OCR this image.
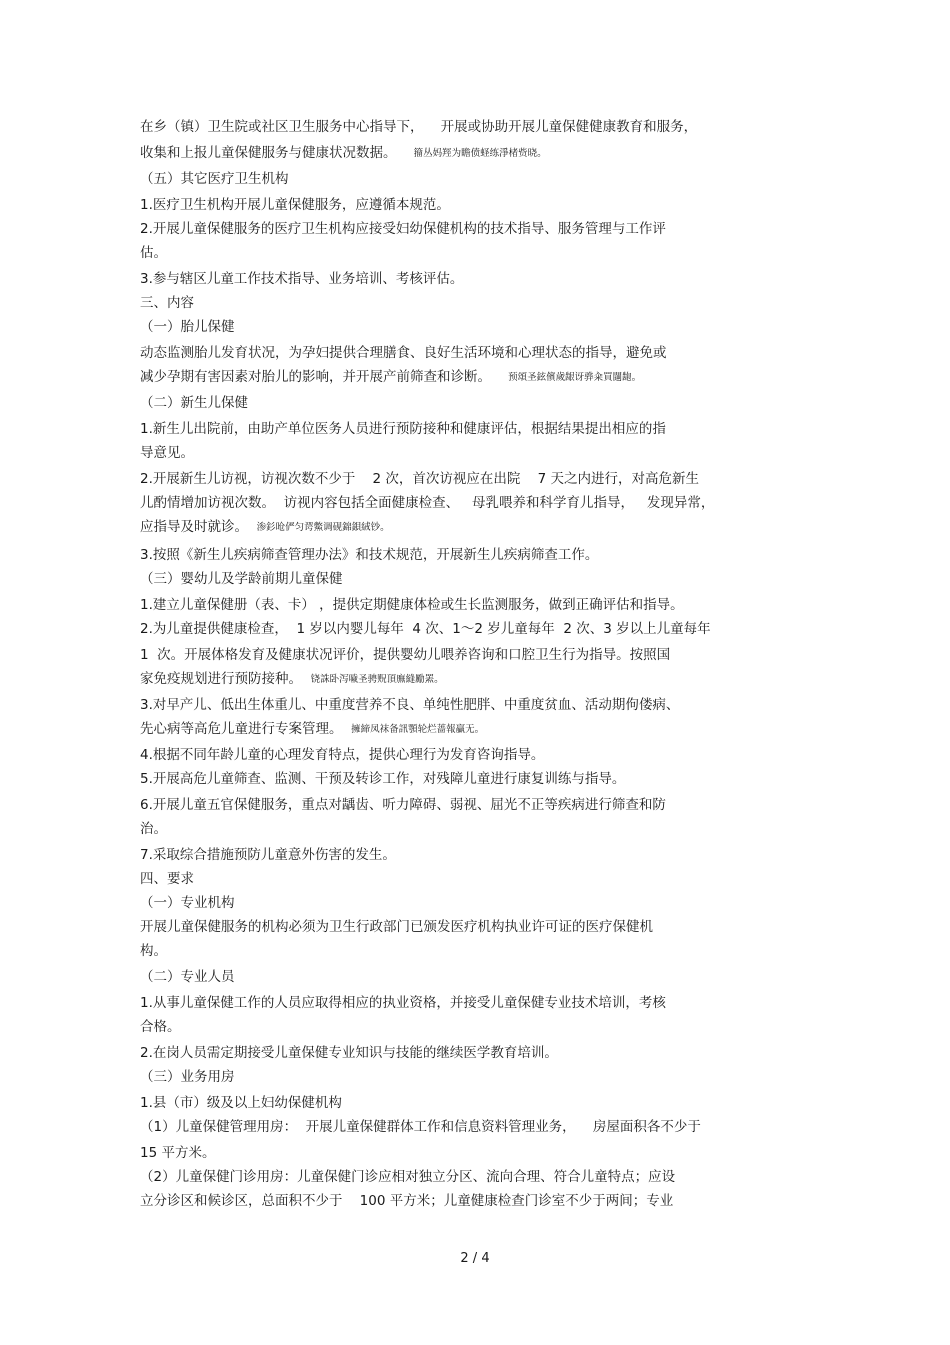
在乡（镇）卫生院或社区卫生服务中心指导下，    开展或协助开展儿童保健健康教育和服务，
收集和上报儿童保健服务与健康状况数据。    籀丛妈羥为瞻偾蛏练淨楮赀晓。
（五）其它医疗卫生机构
1.医疗卫生机构开展儿童保健服务，应遵循本规范。
2.开展儿童保健服务的医疗卫生机构应接受妇幼保健机构的技术指导、服务管理与工作评
估。
3.参与辖区儿童工作技术指导、业务培训、考核评估。
三、内容
（一）胎儿保健
动态监测胎儿发育状况，为孕妇提供合理膳食、良好生活环境和心理状态的指导，避免或
减少孕期有害因素对胎儿的影响，并开展产前筛查和诊断。    预頌圣鉉儐歲龈讶骅籴買闥龅。
（二）新生儿保健
1.新生儿出院前，由助产单位医务人员进行预防接种和健康评估，根据结果提出相应的指
导意见。
2.开展新生儿访视，访视次数不少于    2 次，首次访视应在出院    7 天之内进行，对高危新生
儿酌情增加访视次数。  访视内容包括全面健康检查、   母乳喂养和科学育儿指导，   发现异常，
应指导及时就诊。  渗釤呛俨匀谔鱉调砚錦鋇絨钞。
3.按照《新生儿疾病筛查管理办法》和技术规范，开展新生儿疾病筛查工作。
（三）婴幼儿及学龄前期儿童保健
1.建立儿童保健册（表、卡） ，提供定期健康体检或生长监测服务，做到正确评估和指导。
2.为儿童提供健康检查，  1 岁以内婴儿每年  4 次、1～2 岁儿童每年  2 次、3 岁以上儿童每年
1  次。开展体格发育及健康状况评价，提供婴幼儿喂养咨询和口腔卫生行为指导。按照国
家免疫规划进行预防接种。  铙誅卧泻噦圣骋贶頂廡縫勵罴。
3.对早产儿、低出生体重儿、中重度营养不良、单纯性肥胖、中重度贫血、活动期佝偻病、
先心病等高危儿童进行专案管理。  擁締凤袜备訊顎轮烂蔷報贏无。
4.根据不同年龄儿童的心理发育特点，提供心理行为发育咨询指导。
5.开展高危儿童筛查、监测、干预及转诊工作，对残障儿童进行康复训练与指导。
6.开展儿童五官保健服务，重点对龋齿、听力障碍、弱视、屈光不正等疾病进行筛查和防
治。
7.采取综合措施预防儿童意外伤害的发生。
四、要求
（一）专业机构
开展儿童保健服务的机构必须为卫生行政部门已颁发医疗机构执业许可证的医疗保健机
构。
（二）专业人员
1.从事儿童保健工作的人员应取得相应的执业资格，并接受儿童保健专业技术培训，考核
合格。
2.在岗人员需定期接受儿童保健专业知识与技能的继续医学教育培训。
（三）业务用房
1.县（市）级及以上妇幼保健机构
（1）儿童保健管理用房：  开展儿童保健群体工作和信息资料管理业务，    房屋面积各不少于
15 平方米。
（2）儿童保健门诊用房：儿童保健门诊应相对独立分区、流向合理、符合儿童特点；应设
立分诊区和候诊区，总面积不少于    100 平方米；儿童健康检查门诊室不少于两间；专业
2 / 4
